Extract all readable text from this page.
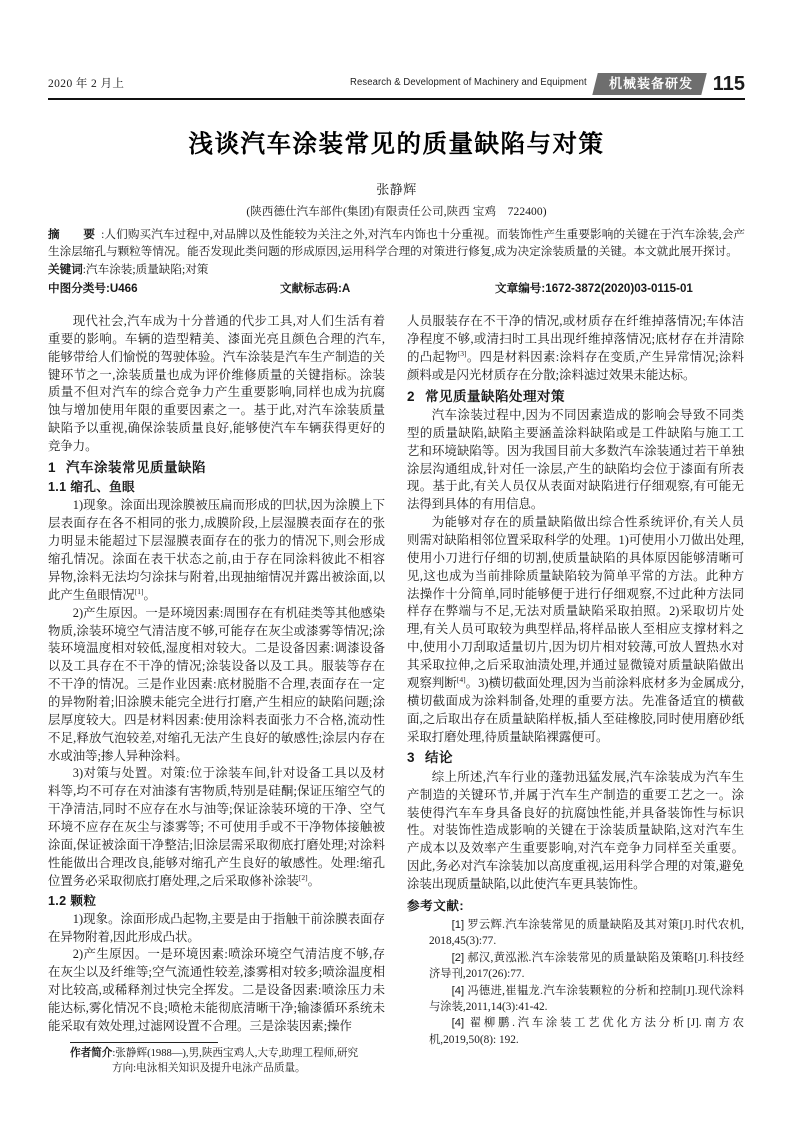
2020 年 2 月上	Research & Development of Machinery and Equipment	机械装备研发	115
浅谈汽车涂装常见的质量缺陷与对策
张静辉
(陕西德仕汽车部件(集团)有限责任公司,陕西 宝鸡　722400)
摘　要:人们购买汽车过程中,对品牌以及性能较为关注之外,对汽车内饰也十分重视。而装饰性产生重要影响的关键在于汽车涂装,会产生涂层缩孔与颗粒等情况。能否发现此类问题的形成原因,运用科学合理的对策进行修复,成为决定涂装质量的关键。本文就此展开探讨。
关键词:汽车涂装;质量缺陷;对策
中图分类号:U466	文献标志码:A	文章编号:1672-3872(2020)03-0115-01

现代社会,汽车成为十分普通的代步工具,对人们生活有着重要的影响。车辆的造型精美、漆面光亮且颜色合理的汽车,能够带给人们愉悦的驾驶体验。汽车涂装是汽车生产制造的关键环节之一,涂装质量也成为评价维修质量的关键指标。涂装质量不但对汽车的综合竞争力产生重要影响,同样也成为抗腐蚀与增加使用年限的重要因素之一。基于此,对汽车涂装质量缺陷予以重视,确保涂装质量良好,能够使汽车车辆获得更好的竞争力。

1 汽车涂装常见质量缺陷
1.1 缩孔、鱼眼

1)现象。涂面出现涂膜被压扁而形成的凹状,因为涂膜上下层表面存在各不相同的张力,成膜阶段,上层湿膜表面存在的张力明显未能超过下层湿膜表面存在的张力的情况下,则会形成缩孔情况。涂面在表干状态之前,由于存在同涂料彼此不相容异物,涂料无法均匀涂抹与附着,出现抽缩情况并露出被涂面,以此产生鱼眼情况[1]。

2)产生原因。一是环境因素:周围存在有机硅类等其他感染物质,涂装环境空气清洁度不够,可能存在灰尘或漆雾等情况;涂装环境温度相对较低,湿度相对较大。二是设备因素:调漆设备以及工具存在不干净的情况;涂装设备以及工具。服装等存在不干净的情况。三是作业因素:底材脱脂不合理,表面存在一定的异物附着;旧涂膜未能完全进行打磨,产生相应的缺陷问题;涂层厚度较大。四是材料因素:使用涂料表面张力不合格,流动性不足,释放气泡较差,对缩孔无法产生良好的敏感性;涂层内存在水或油等;掺人异种涂料。

3)对策与处置。对策:位于涂装车间,针对设备工具以及材料等,均不可存在对油漆有害物质,特别是硅酮;保证压缩空气的干净清洁,同时不应存在水与油等;保证涂装环境的干净、空气环境不应存在灰尘与漆雾等; 不可使用手或不干净物体接触被涂面,保证被涂面干净整洁;旧涂层需采取彻底打磨处理;对涂料性能做出合理改良,能够对缩孔产生良好的敏感性。处理:缩孔位置务必采取彻底打磨处理,之后采取修补涂装[2]。

1.2 颗粒

1)现象。涂面形成凸起物,主要是由于指触干前涂膜表面存在异物附着,因此形成凸状。

2)产生原因。一是环境因素:喷涂环境空气清洁度不够,存在灰尘以及纤维等;空气流通性较差,漆雾相对较多;喷涂温度相对比较高,或稀释剂过快完全挥发。二是设备因素:喷涂压力未能达标,雾化情况不良;喷枪未能彻底清晰干净;输漆循环系统未能采取有效处理,过滤网设置不合理。三是涂装因素;操作

作者简介:张静辉(1988—),男,陕西宝鸡人,大专,助理工程师,研究
方向:电泳相关知识及提升电泳产品质量。

人员服装存在不干净的情况,或材质存在纤维掉落情况;车体洁净程度不够,或清扫时工具出现纤维掉落情况;底材存在并清除的凸起物[3]。四是材料因素:涂料存在变质,产生异常情况;涂料颜料或是闪光材质存在分散;涂料滤过效果未能达标。

2 常见质量缺陷处理对策

汽车涂装过程中,因为不同因素造成的影响会导致不同类型的质量缺陷,缺陷主要涵盖涂料缺陷或是工件缺陷与施工工艺和环境缺陷等。因为我国目前大多数汽车涂装通过若干单独涂层沟通组成,针对任一涂层,产生的缺陷均会位于漆面有所表现。基于此,有关人员仅从表面对缺陷进行仔细观察,有可能无法得到具体的有用信息。

为能够对存在的质量缺陷做出综合性系统评价,有关人员则需对缺陷相邻位置采取科学的处理。1)可使用小刀做出处理,使用小刀进行仔细的切割,使质量缺陷的具体原因能够清晰可见,这也成为当前排除质量缺陷较为简单平常的方法。此种方法操作十分简单,同时能够便于进行仔细观察,不过此种方法同样存在弊端与不足,无法对质量缺陷采取拍照。2)采取切片处理,有关人员可取较为典型样品,将样品嵌人至相应支撑材料之中,使用小刀刮取适量切片,因为切片相对较薄,可放人置热水对其采取拉伸,之后采取油渍处理,并通过显微镜对质量缺陷做出观察判断[4]。3)横切截面处理,因为当前涂料底材多为金属成分,横切截面成为涂料制备,处理的重要方法。先准备适宜的横截面,之后取出存在质量缺陷样板,插人至硅橡胶,同时使用磨砂纸采取打磨处理,待质量缺陷裸露便可。

3 结论

综上所述,汽车行业的蓬勃迅猛发展,汽车涂装成为汽车生产制造的关键环节,并属于汽车生产制造的重要工艺之一。涂装使得汽车车身具备良好的抗腐蚀性能,并具备装饰性与标识性。对装饰性造成影响的关键在于涂装质量缺陷,这对汽车生产成本以及效率产生重要影响,对汽车竞争力同样至关重要。因此,务必对汽车涂装加以高度重视,运用科学合理的对策,避免涂装出现质量缺陷,以此使汽车更具装饰性。

参考文献:

[1] 罗云辉.汽车涂装常见的质量缺陷及其对策[J].时代农机, 2018,45(3):77.

[2] 郝汉,黄泓淞.汽车涂装常见的质量缺陷及策略[J].科技经济导刊,2017(26):77.

[4] 冯德进,崔韫龙.汽车涂装颗粒的分析和控制[J].现代涂料与涂装,2011,14(3):41-42.

[4] 翟柳鹏.汽车涂装工艺优化方法分析[J].南方农机,2019,50(8): 192.
